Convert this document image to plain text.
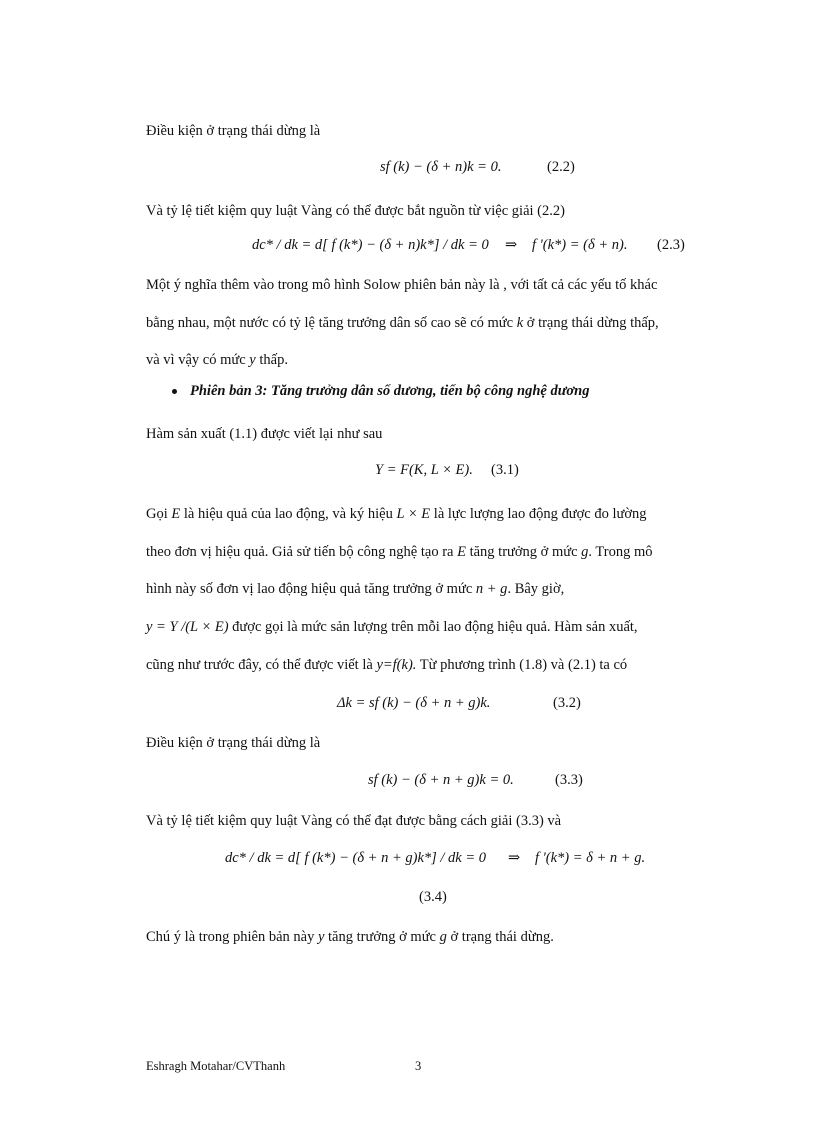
Điều kiện ở trạng thái dừng là
sf (k) − (δ + n)k = 0.	(2.2)
Và tỷ lệ tiết kiệm quy luật Vàng có thể được bắt nguồn từ việc giải (2.2)
dc* / dk = d[ f (k*) − (δ + n)k*] / dk = 0 ⇒ f '(k*) = (δ + n). (2.3)
Một ý nghĩa thêm vào trong mô hình Solow phiên bản này là , với tất cả các yếu tố khác
bằng nhau, một nước có tỷ lệ tăng trưởng dân số cao sẽ có mức k ở trạng thái dừng thấp,
và vì vậy có mức y thấp.
Phiên bản 3: Tăng trưởng dân số dương, tiến bộ công nghệ dương
Hàm sản xuất (1.1) được viết lại như sau
Y = F(K, L × E). (3.1)
Gọi E là hiệu quả của lao động, và ký hiệu L × E là lực lượng lao động được đo lường
theo đơn vị hiệu quả. Giả sử tiến bộ công nghệ tạo ra E tăng trưởng ở mức g. Trong mô
hình này số đơn vị lao động hiệu quả tăng trưởng ở mức n + g. Bây giờ,
y = Y /(L × E) được gọi là mức sản lượng trên mỗi lao động hiệu quả. Hàm sản xuất,
cũng như trước đây, có thể được viết là y=f(k). Từ phương trình (1.8) và (2.1) ta có
Δk = sf (k) − (δ + n + g)k.	(3.2)
Điều kiện ở trạng thái dừng là
sf (k) − (δ + n + g)k = 0.	(3.3)
Và tỷ lệ tiết kiệm quy luật Vàng có thể đạt được bằng cách giải (3.3) và
dc* / dk = d[ f (k*) − (δ + n + g)k*] / dk = 0 ⇒ f '(k*) = δ + n + g.
(3.4)
Chú ý là trong phiên bản này y tăng trưởng ở mức g ở trạng thái dừng.
Eshragh Motahar/CVThanh	3
